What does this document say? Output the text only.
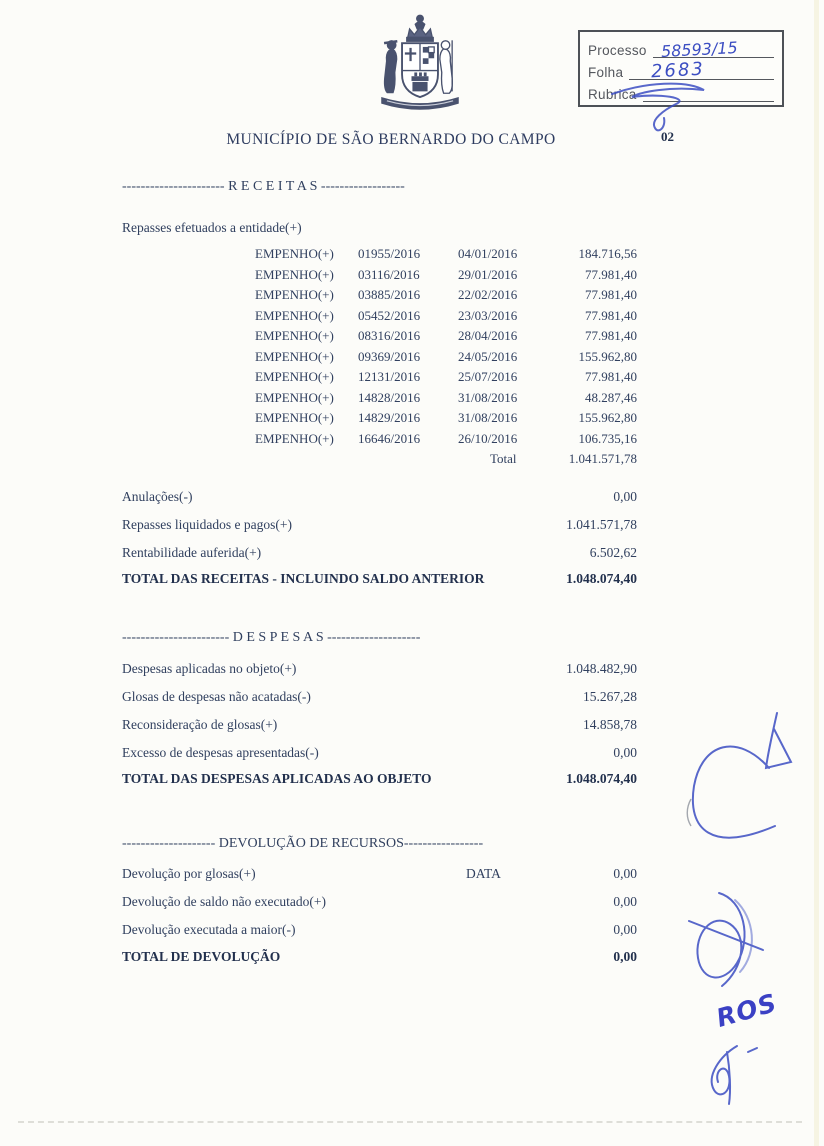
Processo 58593/15
Folha	2683
Rubrica
MUNICÍPIO DE SÃO BERNARDO DO CAMPO	02
---------------------- R E C E I T A S ------------------
Repasses efetuados a entidade(+)
EMPENHO(+)	01955/2016	04/01/2016	184.716,56
EMPENHO(+)	03116/2016	29/01/2016	77.981,40
EMPENHO(+)	03885/2016	22/02/2016	77.981,40
EMPENHO(+)	05452/2016	23/03/2016	77.981,40
EMPENHO(+)	08316/2016	28/04/2016	77.981,40
EMPENHO(+)	09369/2016	24/05/2016	155.962,80
EMPENHO(+)	12131/2016	25/07/2016	77.981,40
EMPENHO(+)	14828/2016	31/08/2016	48.287,46
EMPENHO(+)	14829/2016	31/08/2016	155.962,80
EMPENHO(+)	16646/2016	26/10/2016	106.735,16
Total	1.041.571,78
Anulações(-)	0,00
Repasses liquidados e pagos(+)	1.041.571,78
Rentabilidade auferida(+)	6.502,62
TOTAL DAS RECEITAS - INCLUINDO SALDO ANTERIOR	1.048.074,40
----------------------- D E S P E S A S --------------------
Despesas aplicadas no objeto(+)	1.048.482,90
Glosas de despesas não acatadas(-)	15.267,28
Reconsideração de glosas(+)	14.858,78
Excesso de despesas apresentadas(-)	0,00
TOTAL DAS DESPESAS APLICADAS AO OBJETO	1.048.074,40
-------------------- DEVOLUÇÃO DE RECURSOS-----------------
Devolução por glosas(+)	DATA	0,00
Devolução de saldo não executado(+)	0,00
Devolução executada a maior(-)	0,00
TOTAL DE DEVOLUÇÃO	0,00
ROS
